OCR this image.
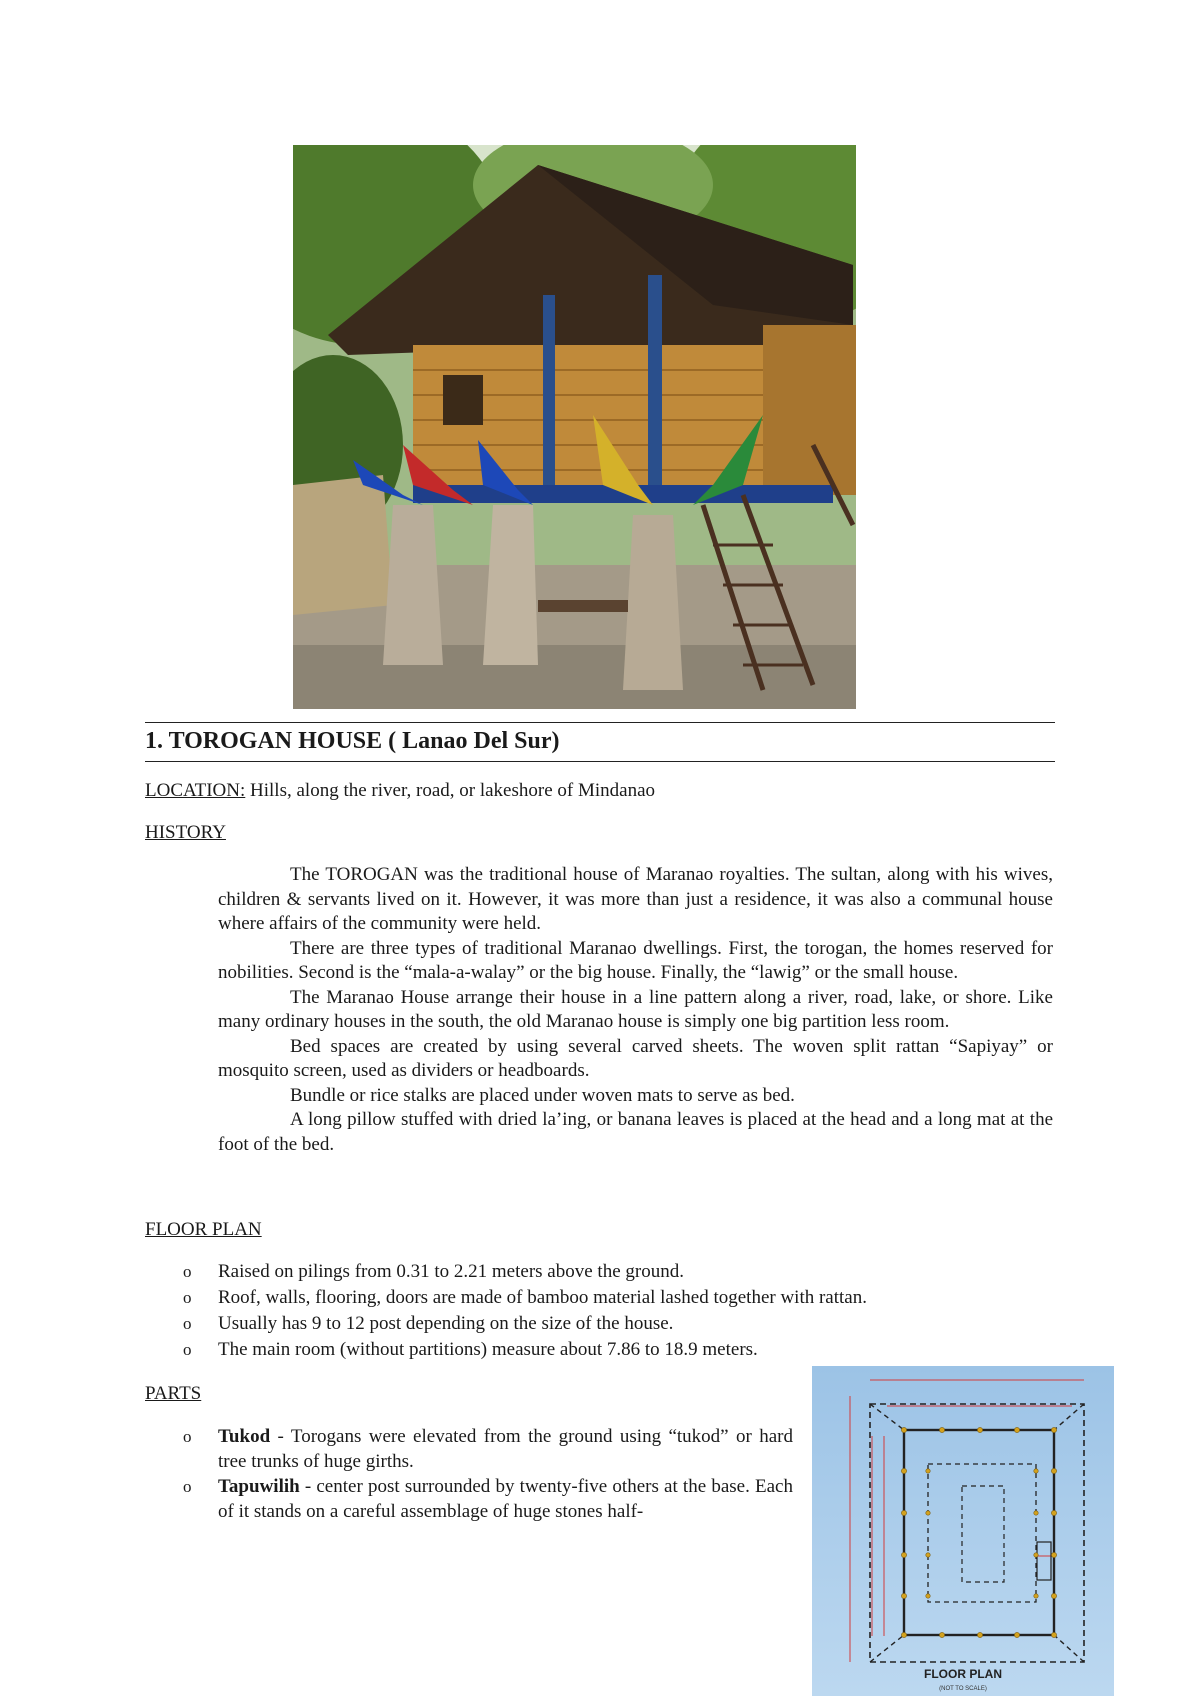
1. TOROGAN HOUSE ( Lanao Del Sur)
LOCATION: Hills, along the river, road, or lakeshore of Mindanao
HISTORY

The TOROGAN was the traditional house of Maranao royalties. The sultan, along with his wives, children & servants lived on it. However, it was more than just a residence, it was also a communal house where affairs of the community were held.

There are three types of traditional Maranao dwellings. First, the torogan, the homes reserved for nobilities. Second is the “mala-a-walay” or the big house. Finally, the “lawig” or the small house.

The Maranao House arrange their house in a line pattern along a river, road, lake, or shore. Like many ordinary houses in the south, the old Maranao house is simply one big partition less room.

Bed spaces are created by using several carved sheets. The woven split rattan “Sapiyay” or mosquito screen, used as dividers or headboards.

Bundle or rice stalks are placed under woven mats to serve as bed.

A long pillow stuffed with dried la’ing, or banana leaves is placed at the head and a long mat at the foot of the bed.

FLOOR PLAN
o Raised on pilings from 0.31 to 2.21 meters above the ground.
o Roof, walls, flooring, doors are made of bamboo material lashed together with rattan.
o Usually has 9 to 12 post depending on the size of the house.
o The main room (without partitions) measure about 7.86 to 18.9 meters.
PARTS
o Tukod - Torogans were elevated from the ground using “tukod” or hard tree trunks of huge girths.
o Tapuwilih - center post surrounded by twenty-five others at the base. Each of it stands on a careful assemblage of huge stones half-
FLOOR PLAN
(NOT TO SCALE)
